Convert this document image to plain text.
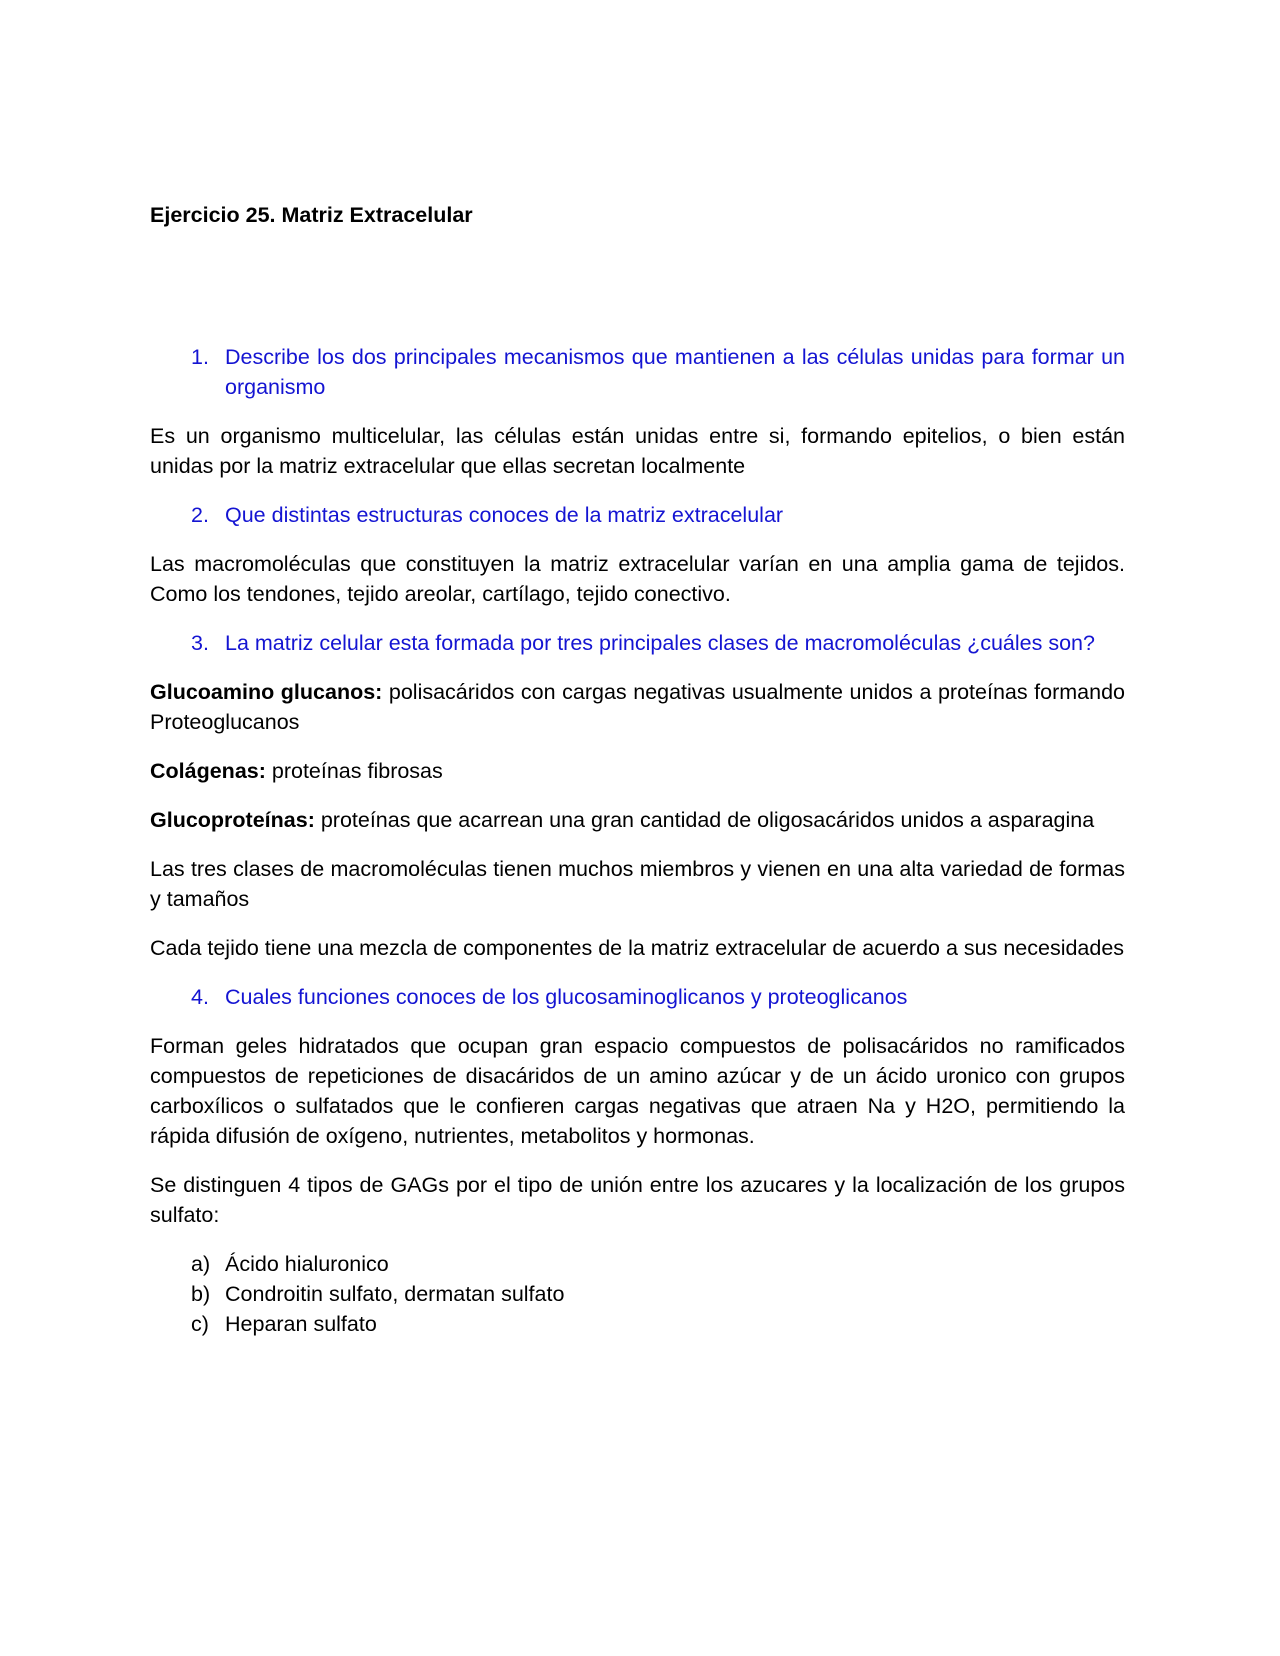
Ejercicio 25. Matriz Extracelular

1. Describe los dos principales mecanismos que mantienen a las células unidas para formar un organismo

Es un organismo multicelular, las células están unidas entre si, formando epitelios, o bien están unidas por la matriz extracelular que ellas secretan localmente

2. Que distintas estructuras conoces de la matriz extracelular

Las macromoléculas que constituyen la matriz extracelular varían en una amplia gama de tejidos. Como los tendones, tejido areolar, cartílago, tejido conectivo.

3. La matriz celular esta formada por tres principales clases de macromoléculas ¿cuáles son?

Glucoamino glucanos: polisacáridos con cargas negativas usualmente unidos a proteínas formando Proteoglucanos

Colágenas: proteínas fibrosas

Glucoproteínas: proteínas que acarrean una gran cantidad de oligosacáridos unidos a asparagina

Las tres clases de macromoléculas tienen muchos miembros y vienen en una alta variedad de formas y tamaños

Cada tejido tiene una mezcla de componentes de la matriz extracelular de acuerdo a sus necesidades

4. Cuales funciones conoces de los glucosaminoglicanos y proteoglicanos

Forman geles hidratados que ocupan gran espacio compuestos de polisacáridos no ramificados compuestos de repeticiones de disacáridos de un amino azúcar y de un ácido uronico con grupos carboxílicos o sulfatados que le confieren cargas negativas que atraen Na y H2O, permitiendo la rápida difusión de oxígeno, nutrientes, metabolitos y hormonas.

Se distinguen 4 tipos de GAGs por el tipo de unión entre los azucares y la localización de los grupos sulfato:

a) Ácido hialuronico
b) Condroitin sulfato, dermatan sulfato
c) Heparan sulfato
